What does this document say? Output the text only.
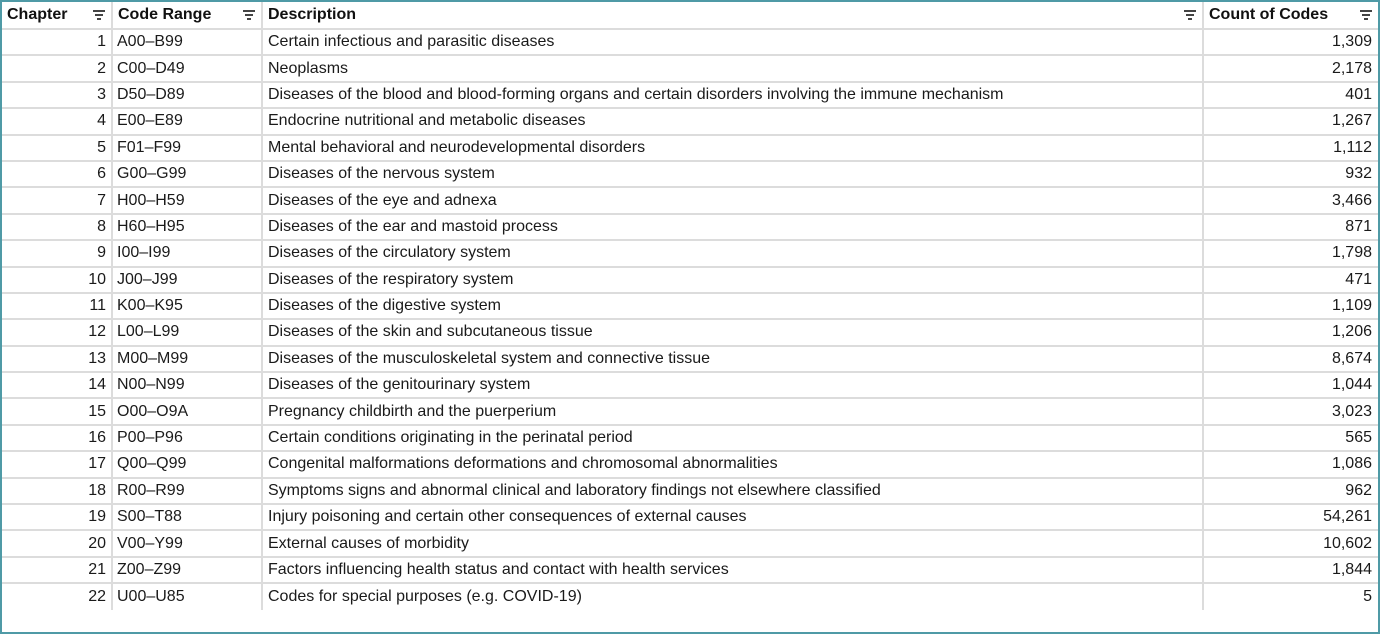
Chapter	Code Range	Description	Count of Codes

1	A00–B99	Certain infectious and parasitic diseases	1,309
2	C00–D49	Neoplasms	2,178
3	D50–D89	Diseases of the blood and blood-forming organs and certain disorders involving the immune mechanism	401
4	E00–E89	Endocrine nutritional and metabolic diseases	1,267
5	F01–F99	Mental behavioral and neurodevelopmental disorders	1,112
6	G00–G99	Diseases of the nervous system	932
7	H00–H59	Diseases of the eye and adnexa	3,466
8	H60–H95	Diseases of the ear and mastoid process	871
9	I00–I99	Diseases of the circulatory system	1,798
10	J00–J99	Diseases of the respiratory system	471
11	K00–K95	Diseases of the digestive system	1,109
12	L00–L99	Diseases of the skin and subcutaneous tissue	1,206
13	M00–M99	Diseases of the musculoskeletal system and connective tissue	8,674
14	N00–N99	Diseases of the genitourinary system	1,044
15	O00–O9A	Pregnancy childbirth and the puerperium	3,023
16	P00–P96	Certain conditions originating in the perinatal period	565
17	Q00–Q99	Congenital malformations deformations and chromosomal abnormalities	1,086
18	R00–R99	Symptoms signs and abnormal clinical and laboratory findings not elsewhere classified	962
19	S00–T88	Injury poisoning and certain other consequences of external causes	54,261
20	V00–Y99	External causes of morbidity	10,602
21	Z00–Z99	Factors influencing health status and contact with health services	1,844
22	U00–U85	Codes for special purposes (e.g. COVID-19)	5
